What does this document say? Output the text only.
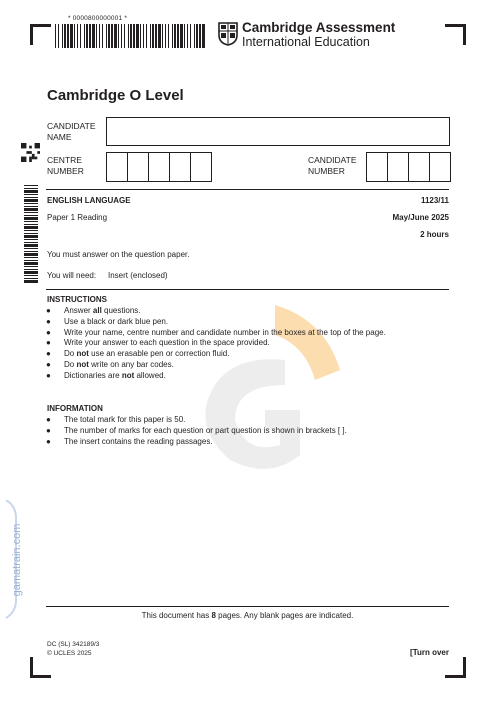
* 0000800000001 *
Cambridge Assessment
International Education
gamatrain.com
Cambridge O Level
CANDIDATE
NAME
CENTRE
NUMBER
CANDIDATE
NUMBER
ENGLISH LANGUAGE	1123/11
Paper 1 Reading	May/June 2025
2 hours
You must answer on the question paper.
You will need: Insert (enclosed)
INSTRUCTIONS
● Answer all questions.
● Use a black or dark blue pen.
● Write your name, centre number and candidate number in the boxes at the top of the page.
● Write your answer to each question in the space provided.
● Do not use an erasable pen or correction fluid.
● Do not write on any bar codes.
● Dictionaries are not allowed.
INFORMATION
● The total mark for this paper is 50.
● The number of marks for each question or part question is shown in brackets [ ].
● The insert contains the reading passages.
This document has 8 pages. Any blank pages are indicated.
DC (SL) 342189/3
© UCLES 2025	[Turn over
